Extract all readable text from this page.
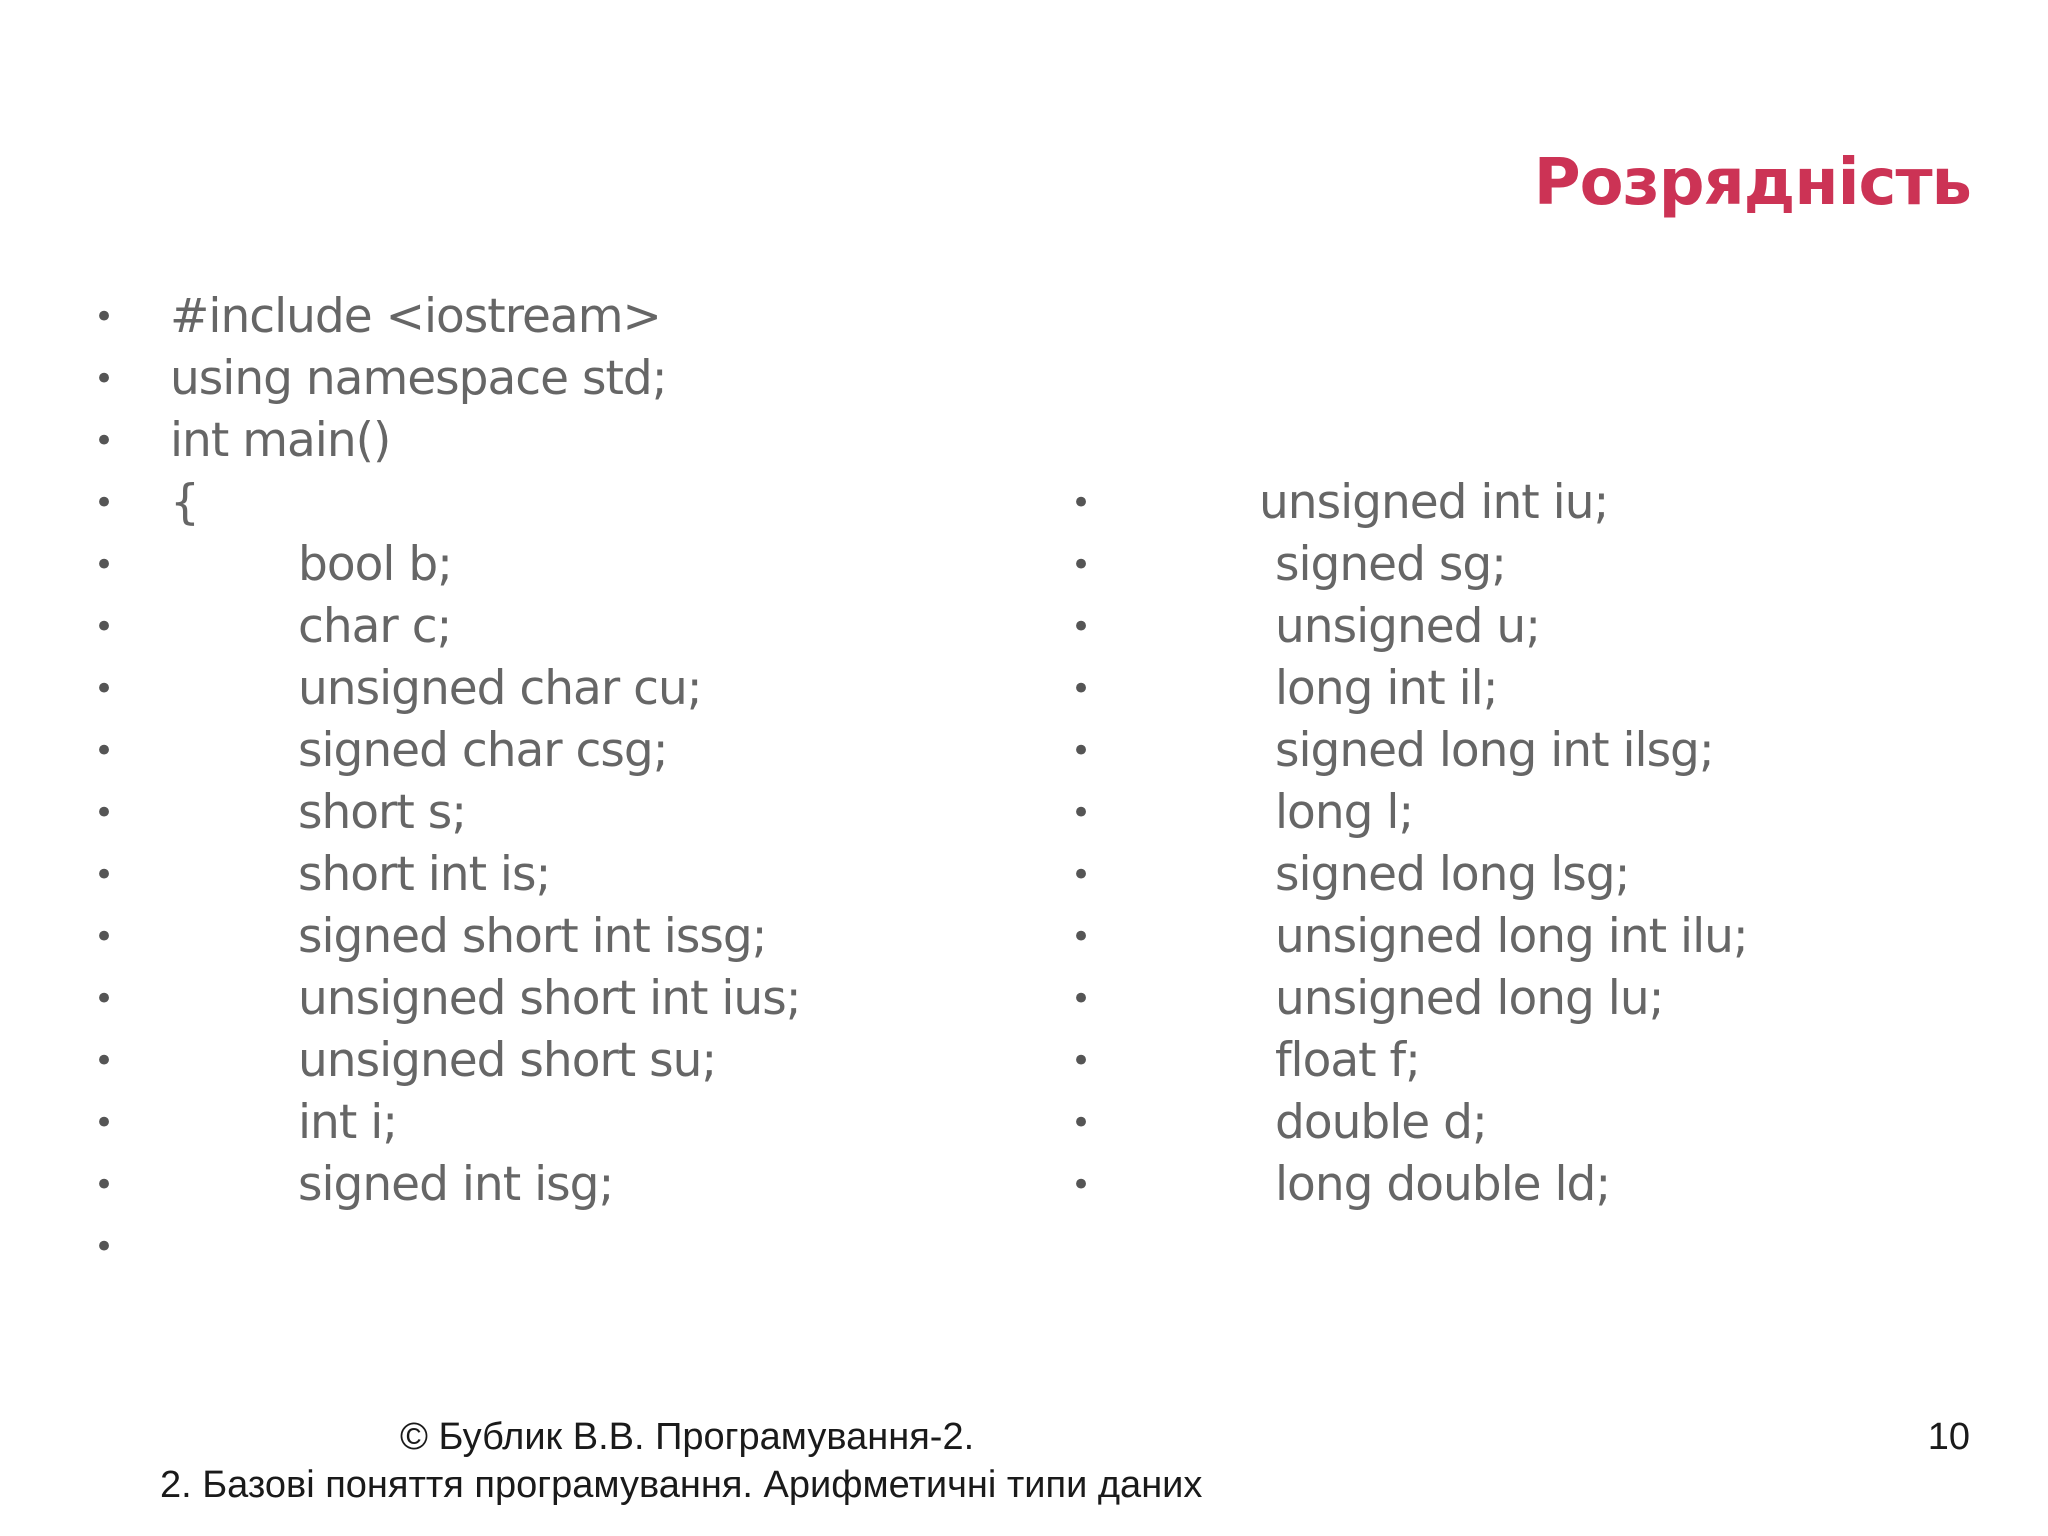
Розрядність
• #include <iostream>
• using namespace std;
• int main()
• {
•	bool b;
•	char c;
•	unsigned char cu;
•	signed char csg;
•	short s;
•	short int is;
•	signed short int issg;
•	unsigned short int ius;
•	unsigned short su;
•	int i;
•	signed int isg;
•
•	unsigned int iu;
•	signed sg;
•	unsigned u;
•	long int il;
•	signed long int ilsg;
•	long l;
•	signed long lsg;
•	unsigned long int ilu;
•	unsigned long lu;
•	float f;
•	double d;
•	long double ld;
© Бублик В.В. Програмування-2.
2. Базові поняття програмування. Арифметичні типи даних
10
